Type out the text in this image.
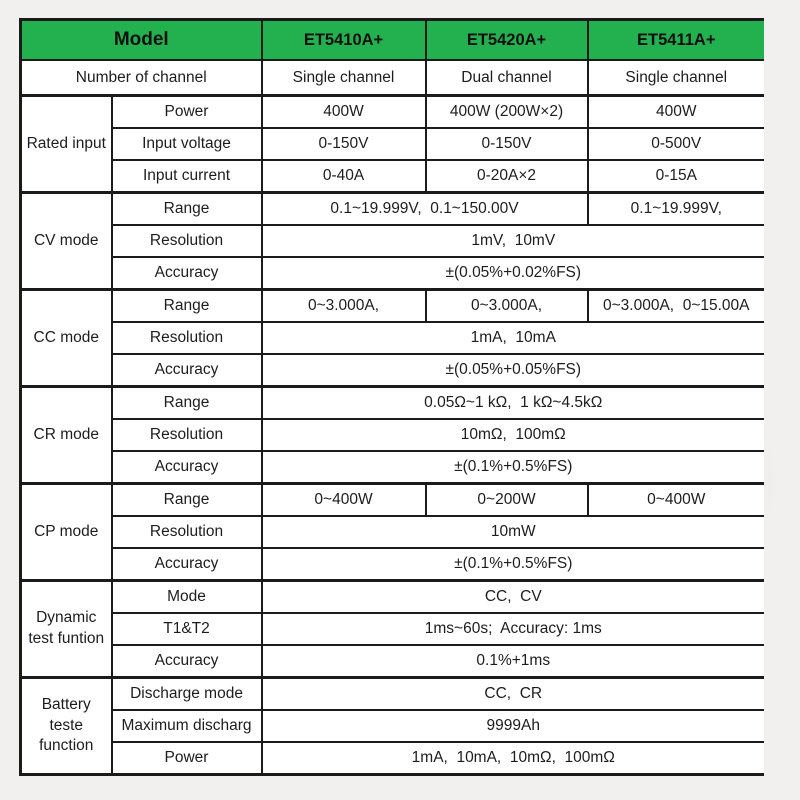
Model		ET5410A+	ET5420A+	ET5411A+
Number of channel		Single channel	Dual channel	Single channel
Rated input	Power	400W	400W (200W×2)	400W
	Input voltage	0-150V	0-150V	0-500V
	Input current	0-40A	0-20A×2	0-15A
CV mode	Range	0.1~19.999V,  0.1~150.00V		0.1~19.999V,
	Resolution	1mV,  10mV		
	Accuracy	±(0.05%+0.02%FS)		
CC mode	Range	0~3.000A,	0~3.000A,	0~3.000A,  0~15.00A
	Resolution	1mA,  10mA		
	Accuracy	±(0.05%+0.05%FS)		
CR mode	Range	0.05Ω~1 kΩ,  1 kΩ~4.5kΩ		
	Resolution	10mΩ,  100mΩ		
	Accuracy	±(0.1%+0.5%FS)		
CP mode	Range	0~400W	0~200W	0~400W
	Resolution	10mW		
	Accuracy	±(0.1%+0.5%FS)		
Dynamic test funtion	Mode	CC,  CV		
	T1&T2	1ms~60s;  Accuracy: 1ms		
	Accuracy	0.1%+1ms		
Battery teste function	Discharge mode	CC,  CR		
	Maximum discharg	9999Ah		
	Power	1mA,  10mA,  10mΩ,  100mΩ		
